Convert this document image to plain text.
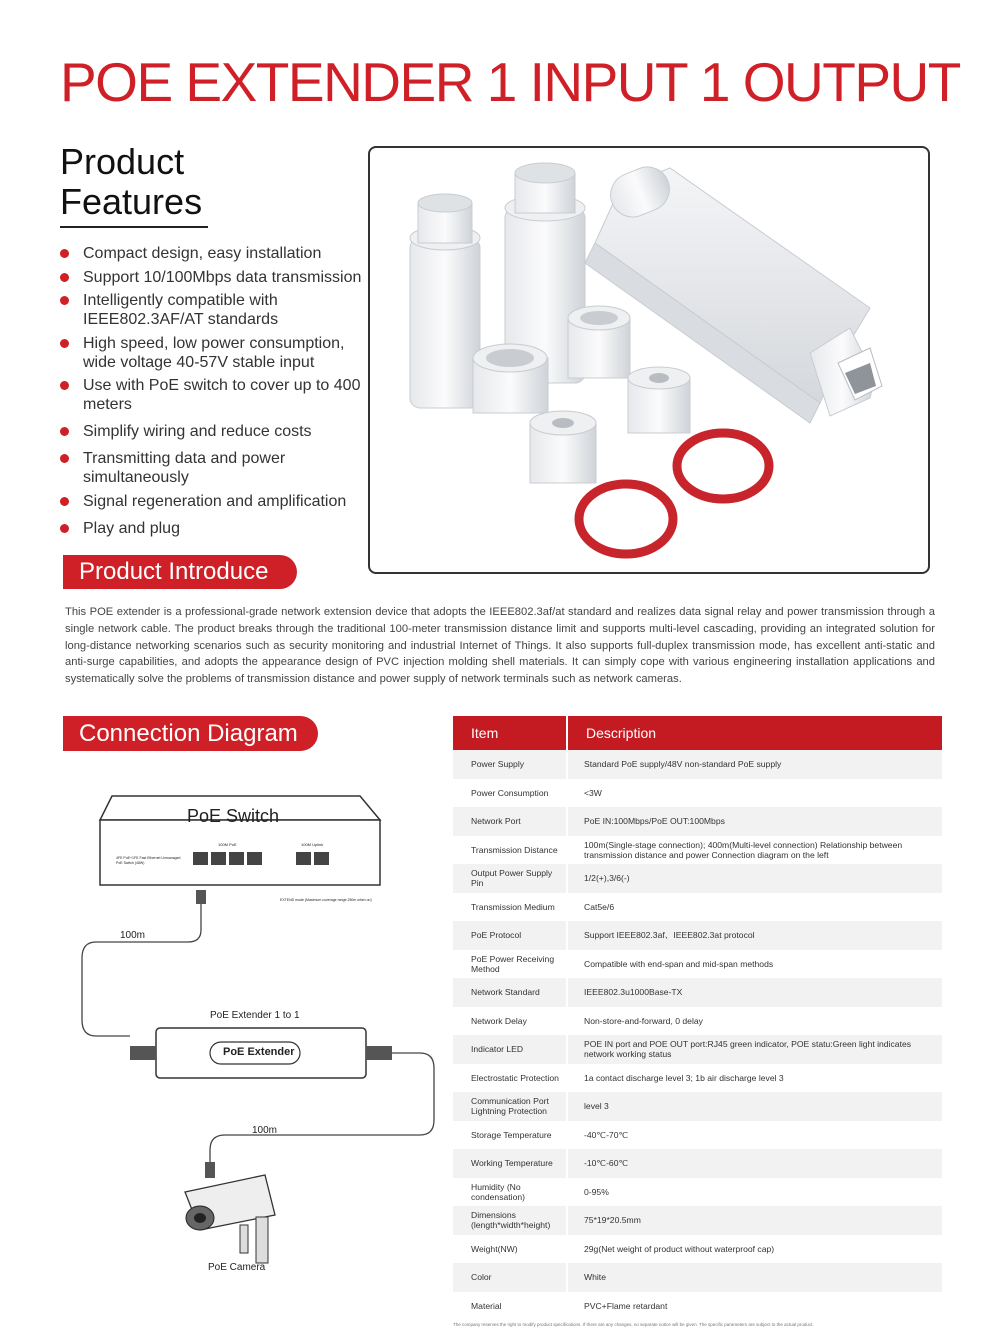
POE EXTENDER 1 INPUT 1 OUTPUT
Product
Features
Compact design, easy installation
Support 10/100Mbps data transmission
Intelligently compatible with IEEE802.3AF/AT standards
High speed, low power consumption, wide voltage 40-57V stable input
Use with PoE switch to cover up to 400 meters
Simplify wiring and reduce costs
Transmitting data and power simultaneously
Signal regeneration and amplification
Play and plug
Product Introduce

This POE extender is a professional-grade network extension device that adopts the IEEE802.3af/at standard and realizes data signal relay and power transmission through a single network cable. The product breaks through the traditional 100-meter transmission distance limit and supports multi-level cascading, providing an integrated solution for long-distance networking scenarios such as security monitoring and industrial Internet of Things. It also supports full-duplex transmission mode, has excellent anti-static and anti-surge capabilities, and adopts the appearance design of PVC injection molding shell materials. It can simply cope with various engineering installation applications and systematically solve the problems of transmission distance and power supply of network terminals such as network cameras.

Connection Diagram
PoE Switch
4FE PoE+1FE Fast Ethernet Unmanaged PoE Switch (48W)
100M PoE	100M Uplink
EXTEND mode (Maximum coverage range 250m when on)
100m
PoE Extender 1 to 1
PoE Extender
100m
PoE Camera
Item	Description
Power Supply	Standard PoE supply/48V non-standard PoE supply
Power Consumption	<3W
Network Port	PoE IN:100Mbps/PoE OUT:100Mbps
Transmission Distance	100m(Single-stage connection); 400m(Multi-level connection) Relationship between transmission distance and power Connection diagram on the left
Output Power Supply Pin	1/2(+),3/6(-)
Transmission Medium	Cat5e/6
PoE Protocol	Support IEEE802.3af、IEEE802.3at protocol
PoE Power Receiving Method	Compatible with end-span and mid-span methods
Network Standard	IEEE802.3u1000Base-TX
Network Delay	Non-store-and-forward, 0 delay
Indicator LED	POE IN port and POE OUT port:RJ45 green indicator, POE statu:Green light indicates network working status
Electrostatic Protection	1a contact discharge level 3; 1b air discharge level 3
Communication Port Lightning Protection	level 3
Storage Temperature	-40℃-70℃
Working Temperature	-10℃-60℃
Humidity (No condensation)	0-95%
Dimensions (length*width*height)	75*19*20.5mm
Weight(NW)	29g(Net weight of product without waterproof cap)
Color	White
Material	PVC+Flame retardant
The company reserves the right to modify product specifications. If there are any changes, no separate notice will be given. The specific parameters are subject to the actual product.
